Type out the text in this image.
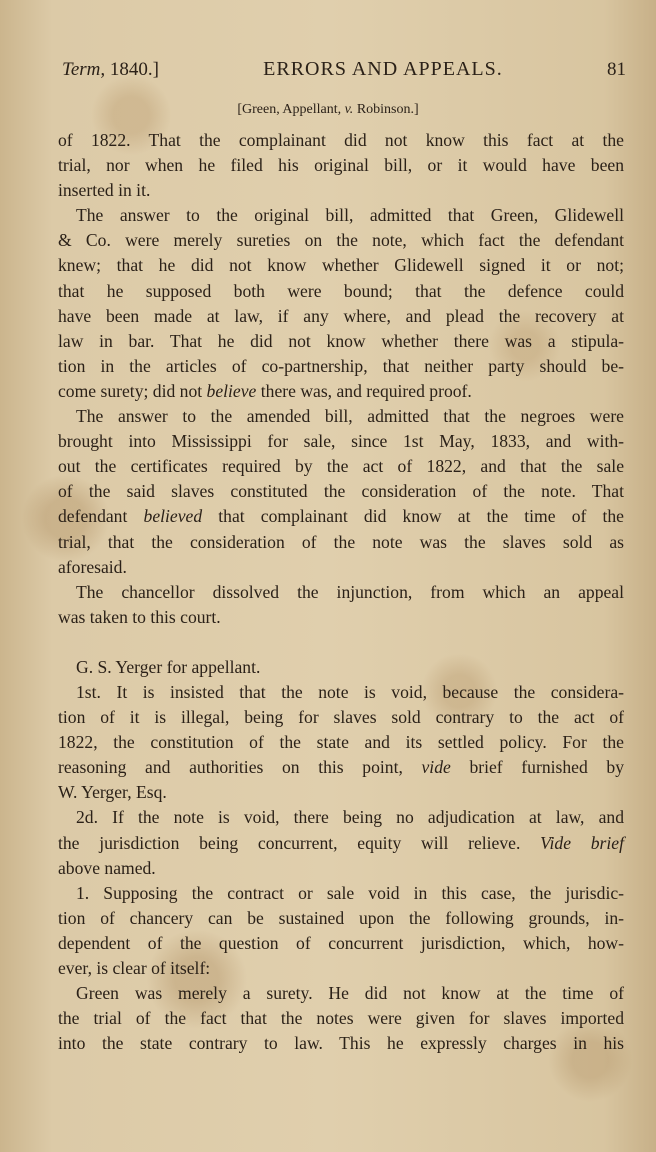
Term, 1840.]	ERRORS AND APPEALS.	81
[Green, Appellant, v. Robinson.]

of 1822. That the complainant did not know this fact at the

trial, nor when he filed his original bill, or it would have been

inserted in it.

The answer to the original bill, admitted that Green, Glidewell

& Co. were merely sureties on the note, which fact the defendant

knew; that he did not know whether Glidewell signed it or not;

that he supposed both were bound; that the defence could

have been made at law, if any where, and plead the recovery at

law in bar. That he did not know whether there was a stipula-

tion in the articles of co-partnership, that neither party should be-

come surety; did not believe there was, and required proof.

The answer to the amended bill, admitted that the negroes were

brought into Mississippi for sale, since 1st May, 1833, and with-

out the certificates required by the act of 1822, and that the sale

of the said slaves constituted the consideration of the note. That

defendant believed that complainant did know at the time of the

trial, that the consideration of the note was the slaves sold as

aforesaid.

The chancellor dissolved the injunction, from which an appeal

was taken to this court.

G. S. Yerger for appellant.

1st. It is insisted that the note is void, because the considera-

tion of it is illegal, being for slaves sold contrary to the act of

1822, the constitution of the state and its settled policy. For the

reasoning and authorities on this point, vide brief furnished by

W. Yerger, Esq.

2d. If the note is void, there being no adjudication at law, and

the jurisdiction being concurrent, equity will relieve. Vide brief

above named.

1. Supposing the contract or sale void in this case, the jurisdic-

tion of chancery can be sustained upon the following grounds, in-

dependent of the question of concurrent jurisdiction, which, how-

ever, is clear of itself:

Green was merely a surety. He did not know at the time of

the trial of the fact that the notes were given for slaves imported

into the state contrary to law. This he expressly charges in his
